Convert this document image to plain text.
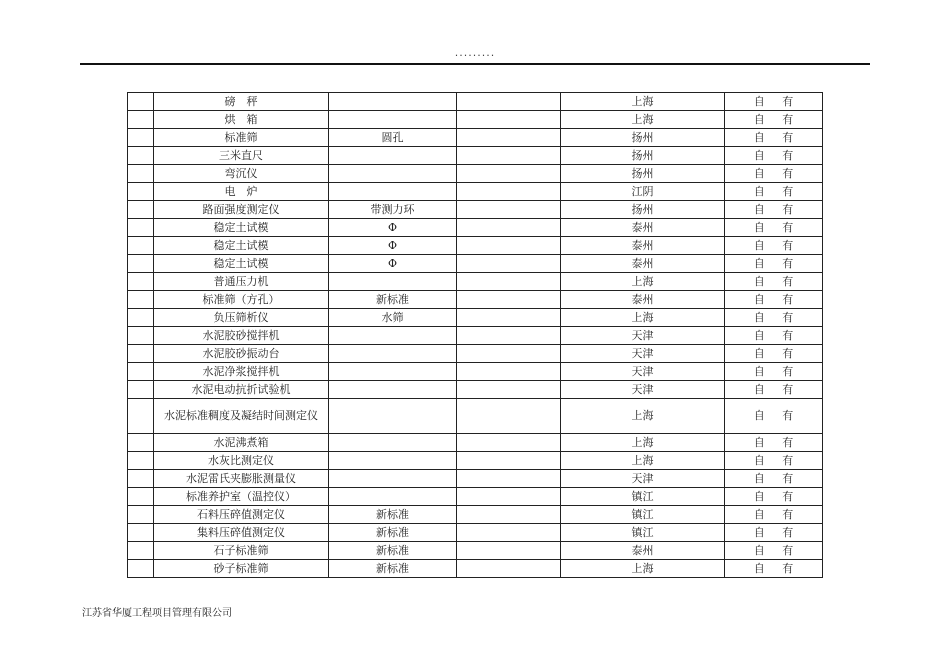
·········
	磅　秤			上海	自 有
	烘　箱			上海	自 有
	标准筛	圆孔		扬州	自 有
	三米直尺			扬州	自 有
	弯沉仪			扬州	自 有
	电　炉			江阴	自 有
	路面强度测定仪	带测力环		扬州	自 有
	稳定土试模	Φ		泰州	自 有
	稳定土试模	Φ		泰州	自 有
	稳定土试模	Φ		泰州	自 有
	普通压力机			上海	自 有
	标准筛（方孔）	新标准		泰州	自 有
	负压筛析仪	水筛		上海	自 有
	水泥胶砂搅拌机			天津	自 有
	水泥胶砂振动台			天津	自 有
	水泥净浆搅拌机			天津	自 有
	水泥电动抗折试验机			天津	自 有
	水泥标准稠度及凝结时间测定仪			上海	自 有
	水泥沸煮箱			上海	自 有
	水灰比测定仪			上海	自 有
	水泥雷氏夹膨胀测量仪			天津	自 有
	标准养护室（温控仪）			镇江	自 有
	石料压碎值测定仪	新标准		镇江	自 有
	集料压碎值测定仪	新标准		镇江	自 有
	石子标准筛	新标准		泰州	自 有
	砂子标准筛	新标准		上海	自 有
江苏省华厦工程项目管理有限公司
